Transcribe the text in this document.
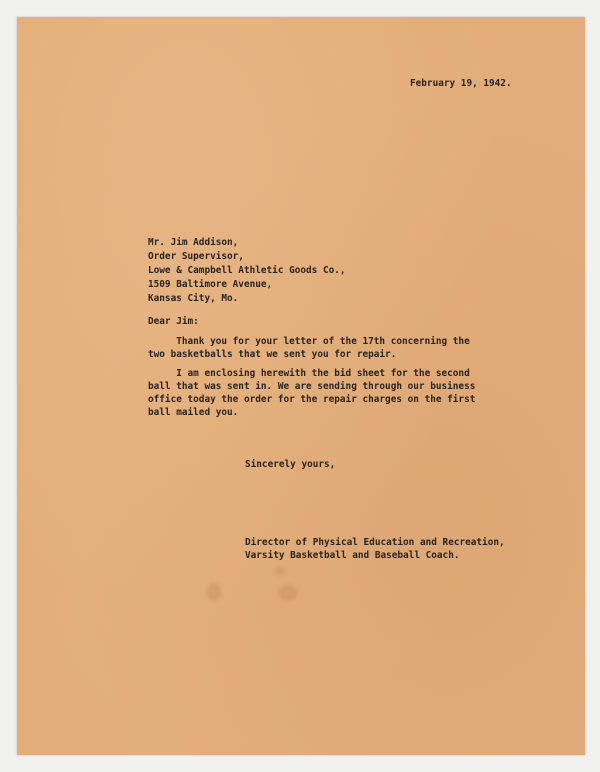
February 19, 1942.
Mr. Jim Addison,
Order Supervisor,
Lowe & Campbell Athletic Goods Co.,
1509 Baltimore Avenue,
Kansas City, Mo.
Dear Jim:
Thank you for your letter of the 17th concerning the
two basketballs that we sent you for repair.
I am enclosing herewith the bid sheet for the second
ball that was sent in. We are sending through our business
office today the order for the repair charges on the first
ball mailed you.
Sincerely yours,
Director of Physical Education and Recreation,
Varsity Basketball and Baseball Coach.
